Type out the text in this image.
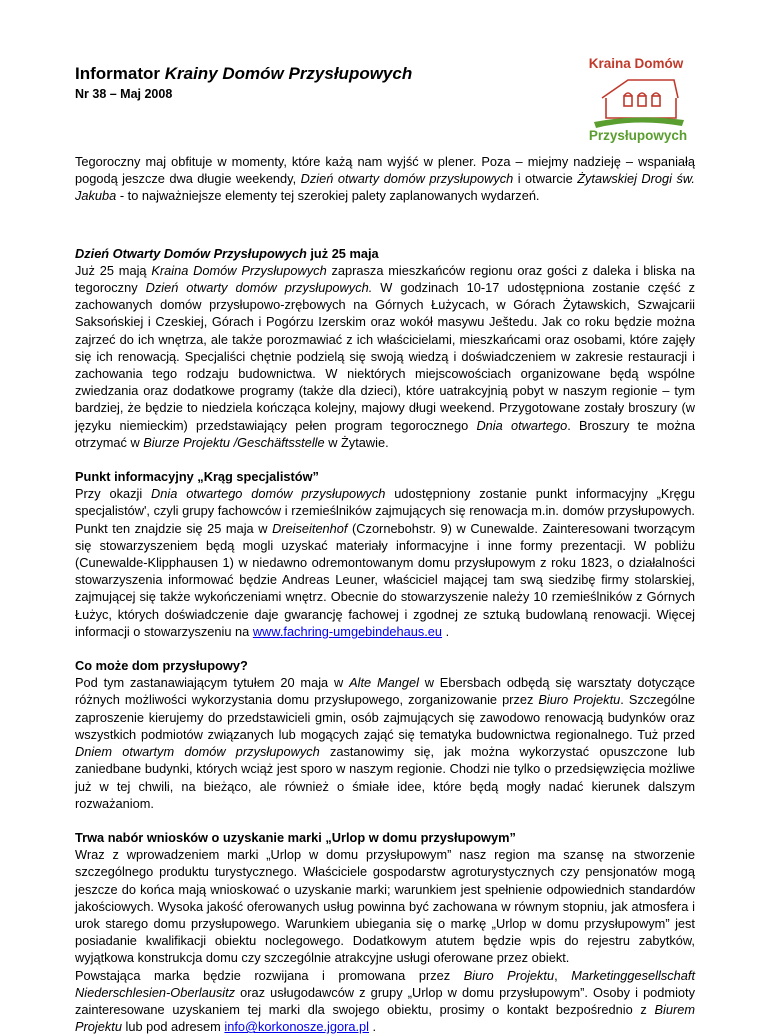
Informator Krainy Domów Przysłupowych
Nr 38 – Maj 2008
Kraina Domów
Przysłupowych

Tegoroczny maj obfituje w momenty, które każą nam wyjść w plener. Poza – miejmy nadzieję – wspaniałą pogodą jeszcze dwa długie weekendy, Dzień otwarty domów przysłupowych i otwarcie Żytawskiej Drogi św. Jakuba - to najważniejsze elementy tej szerokiej palety zaplanowanych wydarzeń.

Dzień Otwarty Domów Przysłupowych już 25 maja

Już 25 mają Kraina Domów Przysłupowych zaprasza mieszkańców regionu oraz gości z daleka i bliska na tegoroczny Dzień otwarty domów przysłupowych. W godzinach 10-17 udostępniona zostanie część z zachowanych domów przysłupowo-zrębowych na Górnych Łużycach, w Górach Żytawskich, Szwajcarii Saksońskiej i Czeskiej, Górach i Pogórzu Izerskim oraz wokół masywu Ještedu. Jak co roku będzie można zajrzeć do ich wnętrza, ale także porozmawiać z ich właścicielami, mieszkańcami oraz osobami, które zajęły się ich renowacją. Specjaliści chętnie podzielą się swoją wiedzą i doświadczeniem w zakresie restauracji i zachowania tego rodzaju budownictwa. W niektórych miejscowościach organizowane będą wspólne zwiedzania oraz dodatkowe programy (także dla dzieci), które uatrakcyjnią pobyt w naszym regionie – tym bardziej, że będzie to niedziela kończąca kolejny, majowy długi weekend. Przygotowane zostały broszury (w języku niemieckim) przedstawiający pełen program tegorocznego Dnia otwartego. Broszury te można otrzymać w Biurze Projektu /Geschäftsstelle w Żytawie.

Punkt informacyjny „Krąg specjalistów”

Przy okazji Dnia otwartego domów przysłupowych udostępniony zostanie punkt informacyjny „Kręgu specjalistów', czyli grupy fachowców i rzemieślników zajmujących się renowacja m.in. domów przysłupowych. Punkt ten znajdzie się 25 maja w Dreiseitenhof (Czornebohstr. 9) w Cunewalde. Zainteresowani tworzącym się stowarzyszeniem będą mogli uzyskać materiały informacyjne i inne formy prezentacji. W pobliżu (Cunewalde-Klipphausen 1) w niedawno odremontowanym domu przysłupowym z roku 1823, o działalności stowarzyszenia informować będzie Andreas Leuner, właściciel mającej tam swą siedzibę firmy stolarskiej, zajmującej się także wykończeniami wnętrz. Obecnie do stowarzyszenie należy 10 rzemieślników z Górnych Łużyc, których doświadczenie daje gwarancję fachowej i zgodnej ze sztuką budowlaną renowacji. Więcej informacji o stowarzyszeniu na www.fachring-umgebindehaus.eu .

Co może dom przysłupowy?

Pod tym zastanawiającym tytułem 20 maja w Alte Mangel w Ebersbach odbędą się warsztaty dotyczące różnych możliwości wykorzystania domu przysłupowego, zorganizowanie przez Biuro Projektu. Szczególne zaproszenie kierujemy do przedstawicieli gmin, osób zajmujących się zawodowo renowacją budynków oraz wszystkich podmiotów związanych lub mogących zająć się tematyka budownictwa regionalnego. Tuż przed Dniem otwartym domów przysłupowych zastanowimy się, jak można wykorzystać opuszczone lub zaniedbane budynki, których wciąż jest sporo w naszym regionie. Chodzi nie tylko o przedsięwzięcia możliwe już w tej chwili, na bieżąco, ale również o śmiałe idee, które będą mogły nadać kierunek dalszym rozważaniom.

Trwa nabór wniosków o uzyskanie marki „Urlop w domu przysłupowym”

Wraz z wprowadzeniem marki „Urlop w domu przysłupowym” nasz region ma szansę na stworzenie szczególnego produktu turystycznego. Właściciele gospodarstw agroturystycznych czy pensjonatów mogą jeszcze do końca mają wnioskować o uzyskanie marki; warunkiem jest spełnienie odpowiednich standardów jakościowych. Wysoka jakość oferowanych usług powinna być zachowana w równym stopniu, jak atmosfera i urok starego domu przysłupowego. Warunkiem ubiegania się o markę „Urlop w domu przysłupowym” jest posiadanie kwalifikacji obiektu noclegowego. Dodatkowym atutem będzie wpis do rejestru zabytków, wyjątkowa konstrukcja domu czy szczególnie atrakcyjne usługi oferowane przez obiekt.

Powstająca marka będzie rozwijana i promowana przez Biuro Projektu, Marketinggesellschaft Niederschlesien-Oberlausitz oraz usługodawców z grupy „Urlop w domu przysłupowym”. Osoby i podmioty zainteresowane uzyskaniem tej marki dla swojego obiektu, prosimy o kontakt bezpośrednio z Biurem Projektu lub pod adresem info@korkonosze.jgora.pl .
